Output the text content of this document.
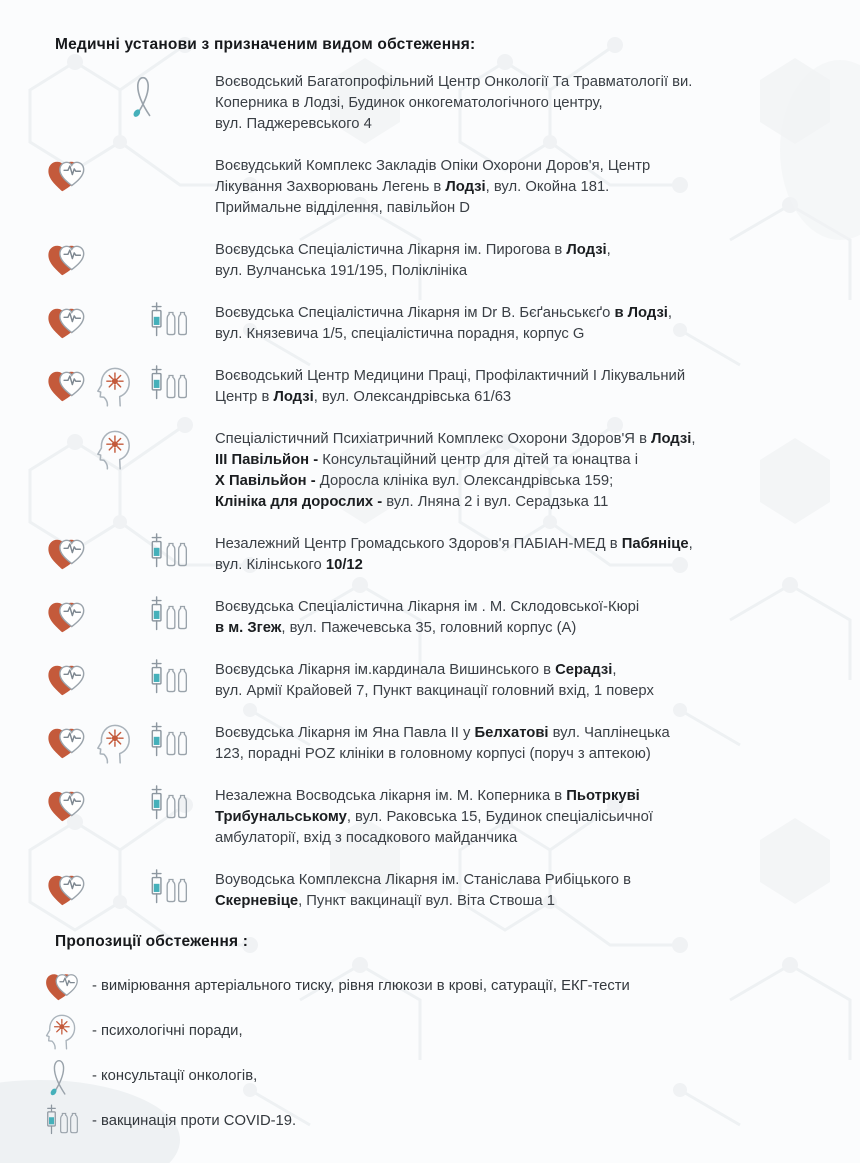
Медичні установи з призначеним видом обстеження:
Воєводський Багатопрофільний Центр Онкології Та Травматології ви.
Коперника в Лодзі, Будинок онкогематологічного центру,
вул. Паджеревського 4
Воєвудський Комплекс Закладів Опіки Охорони Доров'я, Центр
Лікування Захворювань Легень в Лодзі, вул. Окойна 181.
Приймальне відділення, павільйон D
Воєвудська Спеціалістична Лікарня ім. Пирогова в Лодзі,
вул. Вулчанська 191/195, Поліклініка
Воєвудська Спеціалістична Лікарня ім Dr В. Бєґаньськєґо в Лодзі,
вул. Князевича 1/5, спеціалістична порадня, корпус G
Воєводський Центр Медицини Праці, Профілактичний І Лікувальний
Центр в Лодзі, вул. Олександрівська 61/63
Спеціалістичний Психіатричний Комплекс Охорони Здоров'Я в Лодзі,
ІІІ Павільйон - Консультаційний центр для дітей та юнацтва і
Х Павільйон - Доросла клініка вул. Олександрівська 159;
Клініка для дорослих - вул. Лняна 2 і вул. Серадзька 11
Незалежний Центр Громадського Здоров'я ПАБІАН-МЕД в Пабяніце,
вул. Кілінського 10/12
Воєвудська Спеціалістична Лікарня ім . М. Склодовської-Кюрі
в м. Згеж, вул. Пажечевська 35, головний корпус (А)
Воєвудська Лікарня ім.кардинала Вишинського в Серадзі,
вул. Армії Крайовей 7, Пункт вакцинації головний вхід, 1 поверх
Воєвудська Лікарня ім Яна Павла II у Белхатові вул. Чаплінецька
123, порадні POZ клініки в головному корпусі (поруч з аптекою)
Незалежна Восводська лікарня ім. М. Коперника в Пьотркуві
Трибунальському, вул. Раковська 15, Будинок спеціалісьичної
амбулаторії, вхід з посадкового майданчика
Воуводська Комплексна Лікарня ім. Станіслава Рибіцького в
Скерневіце, Пункт вакцинації вул. Віта Ствоша 1
Пропозиції обстеження :
- вимірювання артеріального тиску, рівня глюкози в крові, сатурації, ЕКГ-тести
- психологічні поради,
- консультації онкологів,
- вакцинація проти COVID-19.
